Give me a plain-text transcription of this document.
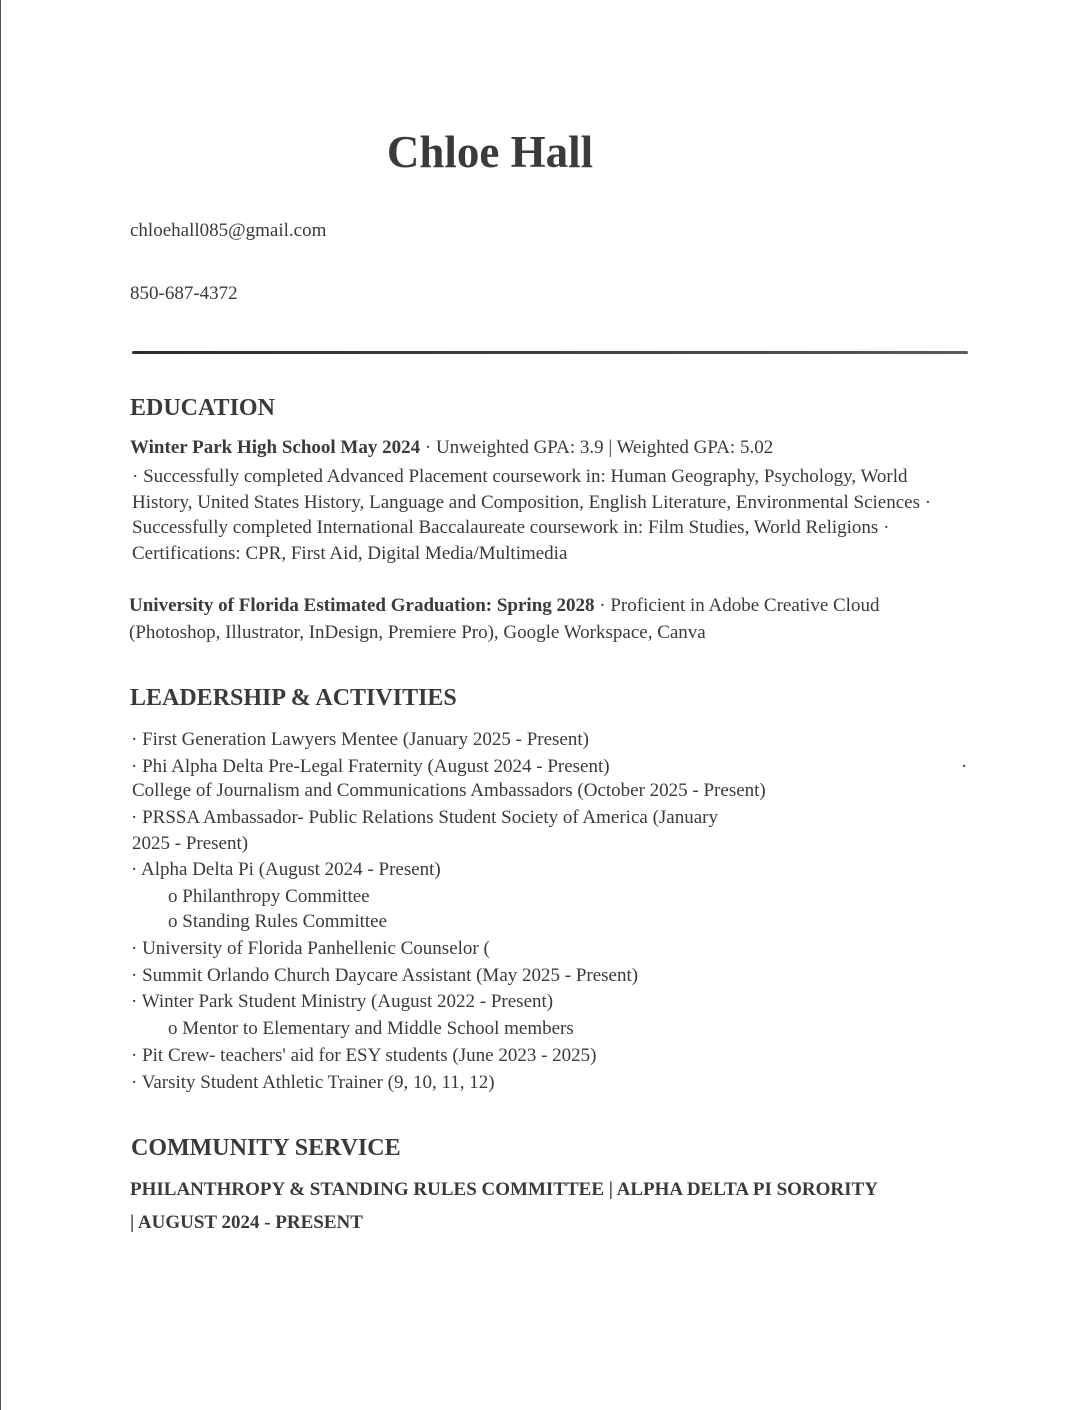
Chloe Hall
chloehall085@gmail.com
850-687-4372
EDUCATION
Winter Park High School May 2024 · Unweighted GPA: 3.9 | Weighted GPA: 5.02
· Successfully completed Advanced Placement coursework in: Human Geography, Psychology, World
History, United States History, Language and Composition, English Literature, Environmental Sciences ·
Successfully completed International Baccalaureate coursework in: Film Studies, World Religions ·
Certifications: CPR, First Aid, Digital Media/Multimedia
University of Florida Estimated Graduation: Spring 2028 · Proficient in Adobe Creative Cloud
(Photoshop, Illustrator, InDesign, Premiere Pro), Google Workspace, Canva
LEADERSHIP & ACTIVITIES
· First Generation Lawyers Mentee (January 2025 - Present)
· Phi Alpha Delta Pre-Legal Fraternity (August 2024 - Present)	·
College of Journalism and Communications Ambassadors (October 2025 - Present)
· PRSSA Ambassador- Public Relations Student Society of America (January
2025 - Present)
· Alpha Delta Pi (August 2024 - Present)
o Philanthropy Committee
o Standing Rules Committee
· University of Florida Panhellenic Counselor (
· Summit Orlando Church Daycare Assistant (May 2025 - Present)
· Winter Park Student Ministry (August 2022 - Present)
o Mentor to Elementary and Middle School members
· Pit Crew- teachers' aid for ESY students (June 2023 - 2025)
· Varsity Student Athletic Trainer (9, 10, 11, 12)
COMMUNITY SERVICE
PHILANTHROPY & STANDING RULES COMMITTEE | ALPHA DELTA PI SORORITY
| AUGUST 2024 - PRESENT
